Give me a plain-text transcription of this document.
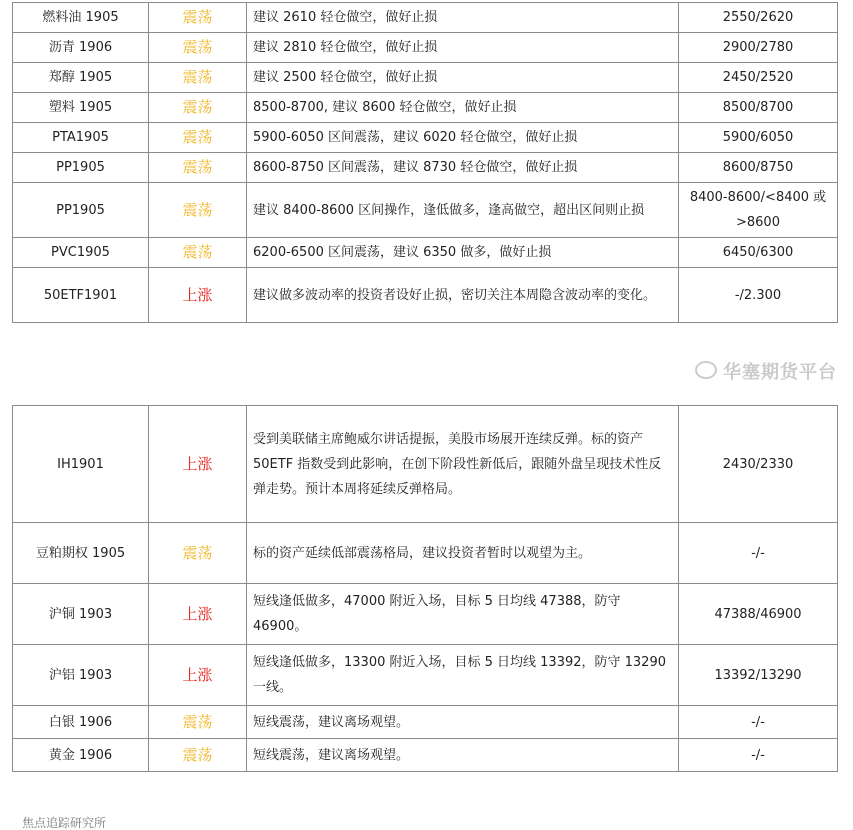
燃料油 1905	震荡	建议 2610 轻仓做空，做好止损	2550/2620
沥青 1906	震荡	建议 2810 轻仓做空，做好止损	2900/2780
郑醇 1905	震荡	建议 2500 轻仓做空，做好止损	2450/2520
塑料 1905	震荡	8500-8700, 建议 8600 轻仓做空，做好止损	8500/8700
PTA1905	震荡	5900-6050 区间震荡，建议 6020 轻仓做空，做好止损	5900/6050
PP1905	震荡	8600-8750 区间震荡，建议 8730 轻仓做空，做好止损	8600/8750
PP1905	震荡	建议 8400-8600 区间操作，逢低做多，逢高做空，超出区间则止损	8400-8600/<8400 或>8600
PVC1905	震荡	6200-6500 区间震荡，建议 6350 做多，做好止损	6450/6300
50ETF1901	上涨	建议做多波动率的投资者设好止损，密切关注本周隐含波动率的变化。	-/2.300
华塞期货平台
IH1901	上涨	受到美联储主席鲍威尔讲话提振，美股市场展开连续反弹。标的资产 50ETF 指数受到此影响，在创下阶段性新低后，跟随外盘呈现技术性反弹走势。预计本周将延续反弹格局。	2430/2330
豆粕期权 1905	震荡	标的资产延续低部震荡格局，建议投资者暂时以观望为主。	-/-
沪铜 1903	上涨	短线逢低做多，47000 附近入场，目标 5 日均线 47388，防守 46900。	47388/46900
沪铝 1903	上涨	短线逢低做多，13300 附近入场，目标 5 日均线 13392，防守 13290 一线。	13392/13290
白银 1906	震荡	短线震荡，建议离场观望。	-/-
黄金 1906	震荡	短线震荡，建议离场观望。	-/-
焦点追踪研究所
